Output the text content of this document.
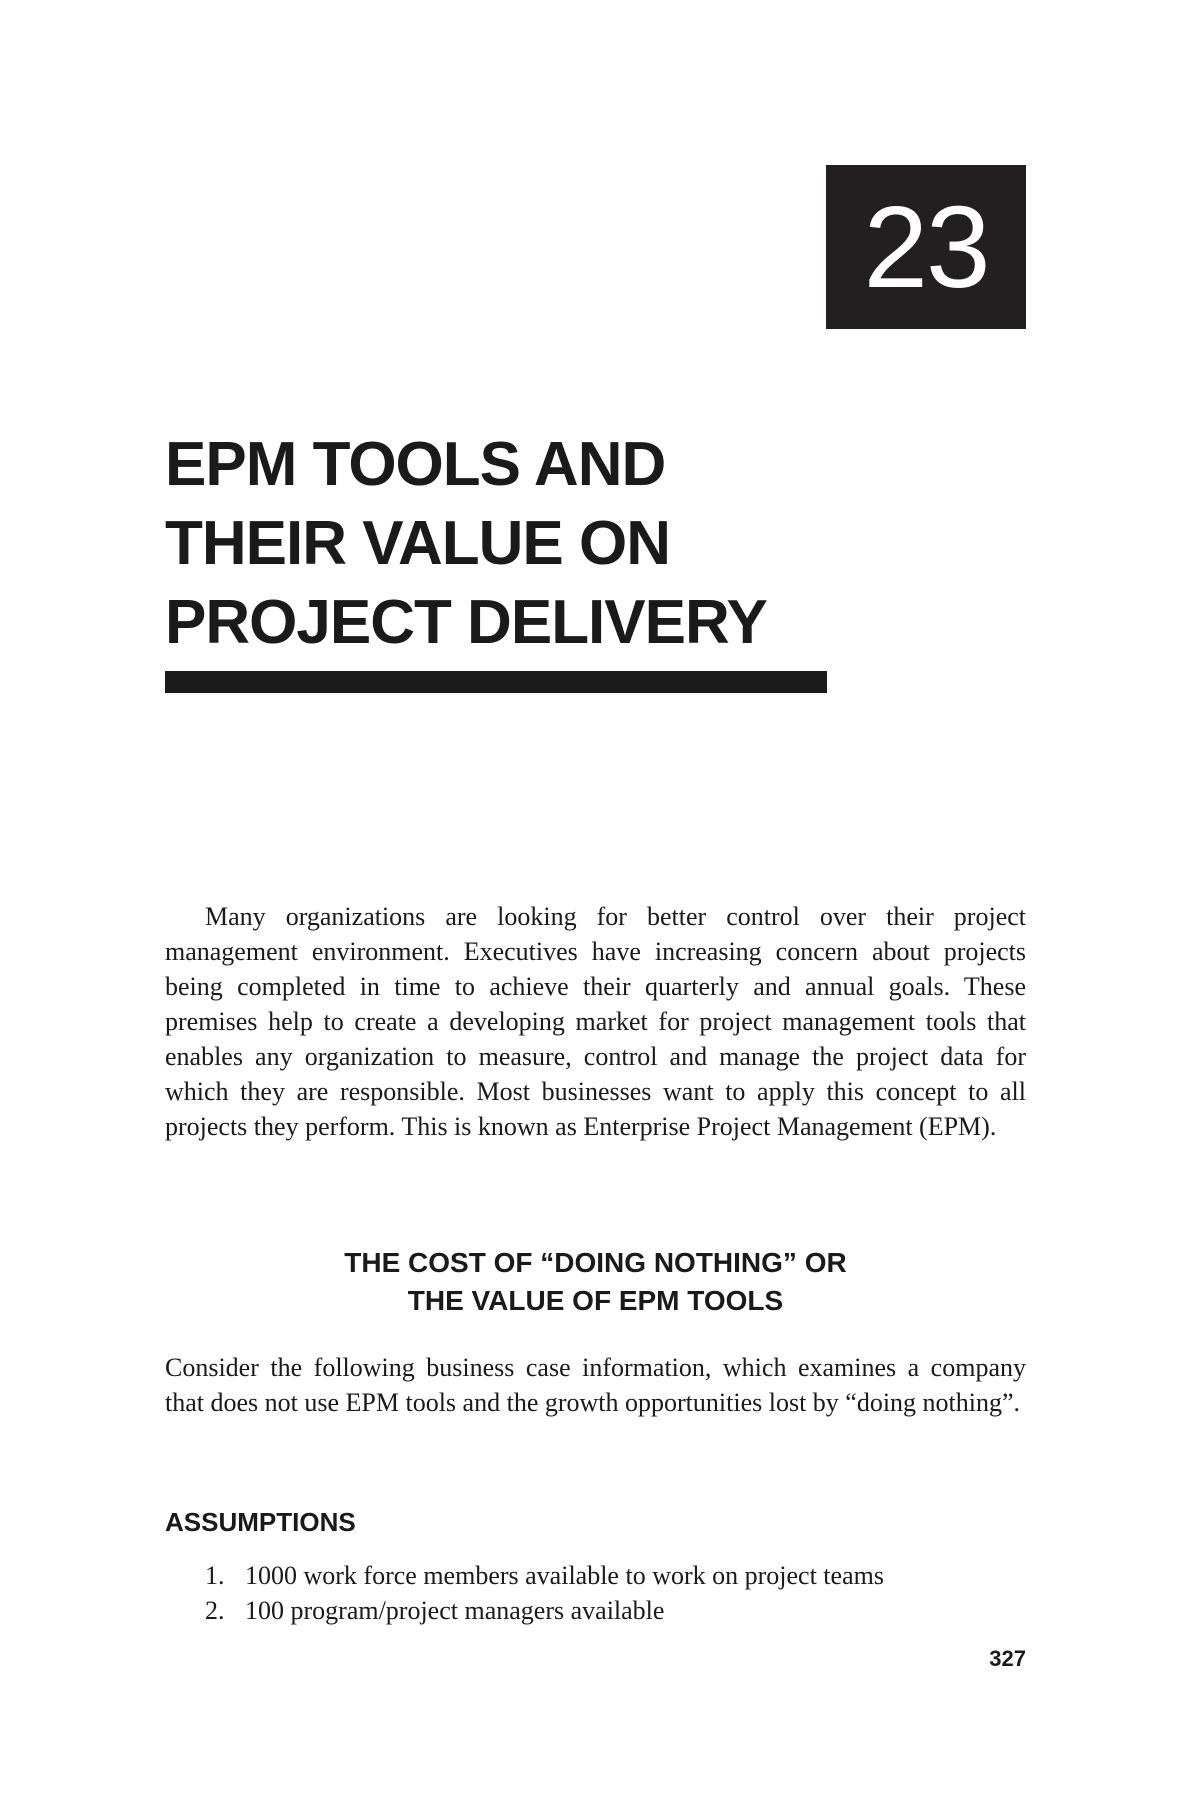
23
EPM TOOLS AND
THEIR VALUE ON
PROJECT DELIVERY

Many organizations are looking for better control over their project management environment. Executives have increasing concern about projects being completed in time to achieve their quarterly and annual goals. These premises help to create a developing market for project management tools that enables any organization to measure, control and manage the project data for which they are responsible. Most businesses want to apply this concept to all projects they perform. This is known as Enterprise Project Management (EPM).

THE COST OF “DOING NOTHING” OR
THE VALUE OF EPM TOOLS

Consider the following business case information, which examines a company that does not use EPM tools and the growth opportunities lost by “doing nothing”.

ASSUMPTIONS
1. 1000 work force members available to work on project teams
2. 100 program/project managers available
327
